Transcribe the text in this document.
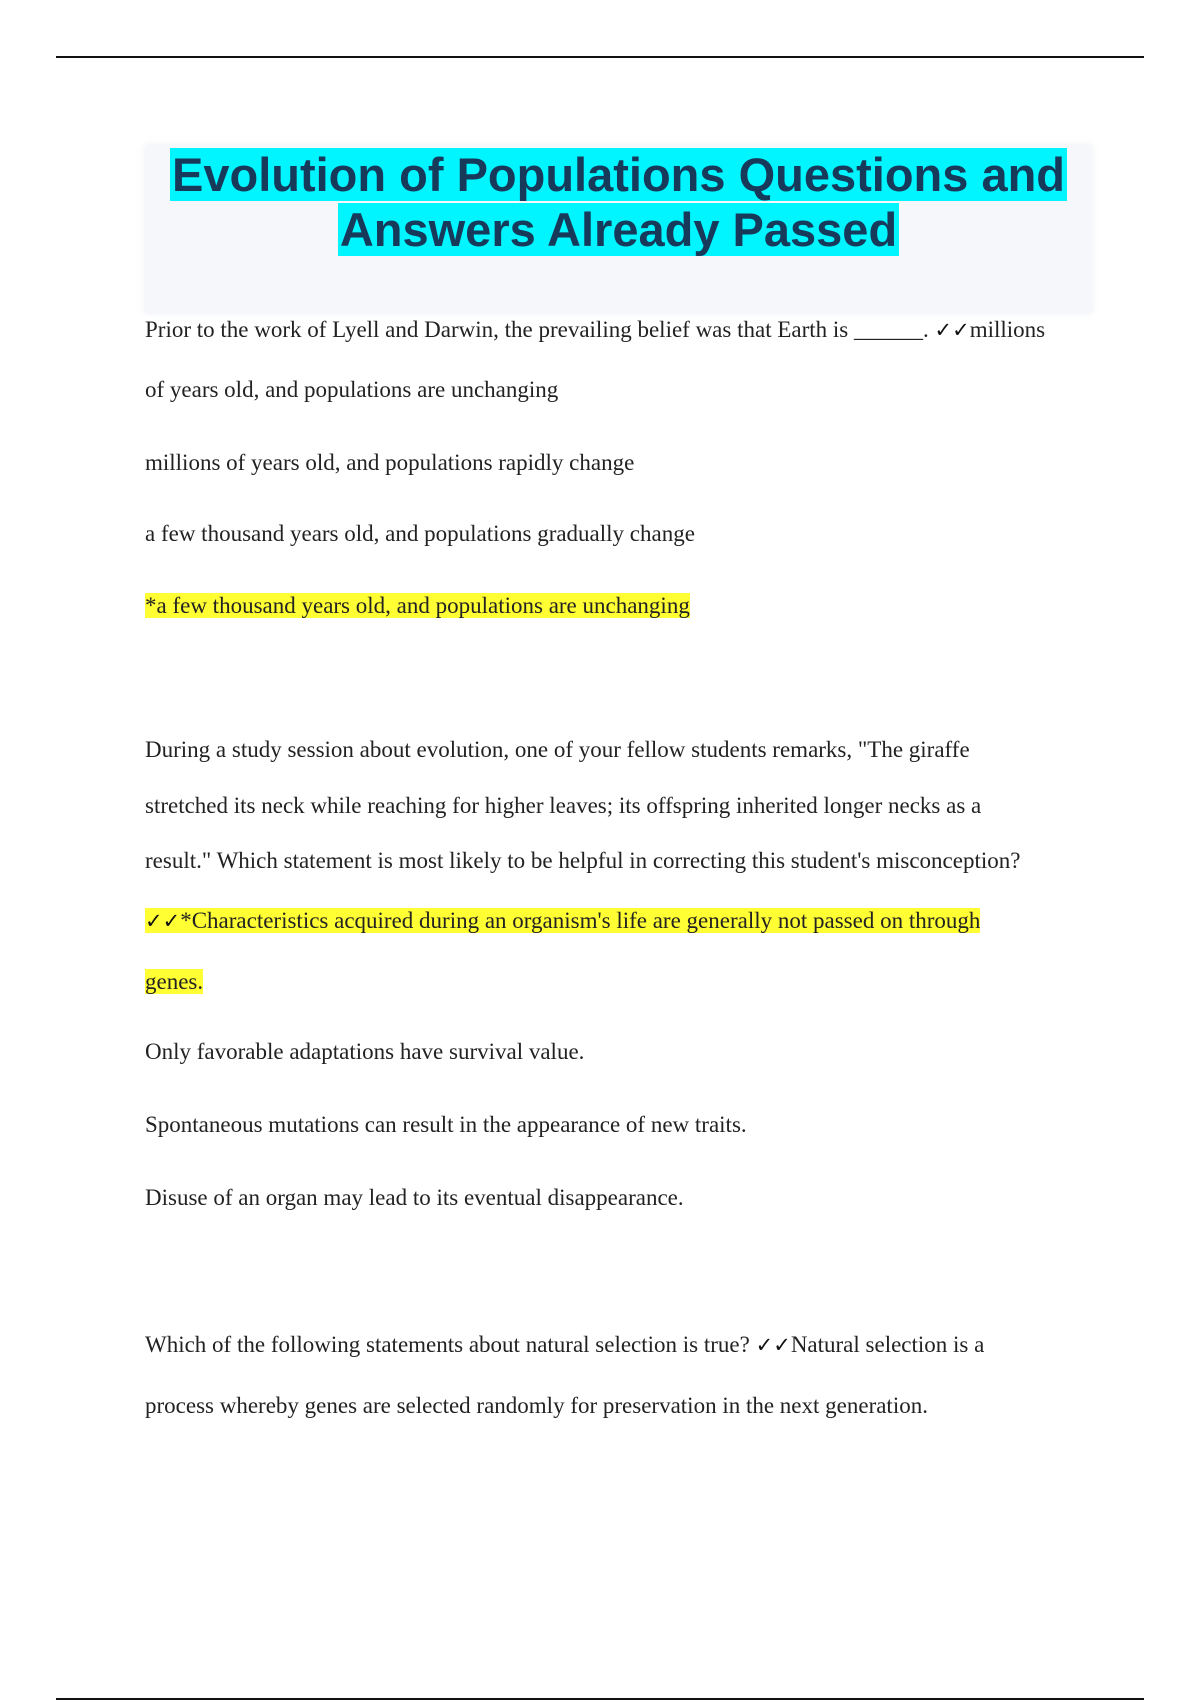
Evolution of Populations Questions and
Answers Already Passed

Prior to the work of Lyell and Darwin, the prevailing belief was that Earth is ______. ✓✓millions

of years old, and populations are unchanging

millions of years old, and populations rapidly change

a few thousand years old, and populations gradually change

*a few thousand years old, and populations are unchanging

During a study session about evolution, one of your fellow students remarks, "The giraffe

stretched its neck while reaching for higher leaves; its offspring inherited longer necks as a

result." Which statement is most likely to be helpful in correcting this student's misconception?

✓✓*Characteristics acquired during an organism's life are generally not passed on through

genes.

Only favorable adaptations have survival value.

Spontaneous mutations can result in the appearance of new traits.

Disuse of an organ may lead to its eventual disappearance.

Which of the following statements about natural selection is true? ✓✓Natural selection is a

process whereby genes are selected randomly for preservation in the next generation.
